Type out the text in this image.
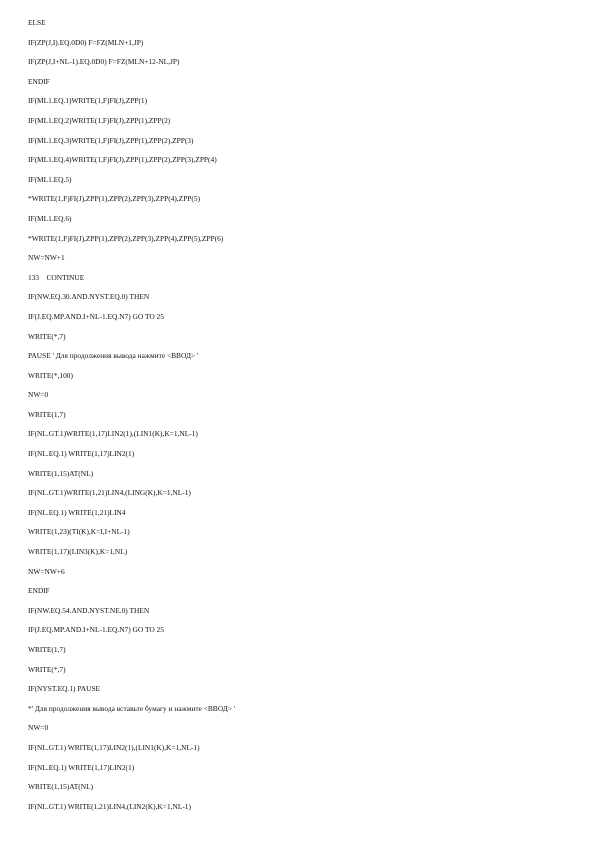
ELSE
IF(ZP(J,I).EQ.0D0) F=FZ(MLN+1,JP)
IF(ZP(J,I+NL-1).EQ.0D0) F=FZ(MLN+12-NL,JP)
ENDIF
IF(ML1.EQ.1)WRITE(1,F)FI(J),ZPP(1)
IF(ML1.EQ.2)WRITE(1,F)FI(J),ZPP(1),ZPP(2)
IF(ML1.EQ.3)WRITE(1,F)FI(J),ZPP(1),ZPP(2),ZPP(3)
IF(ML1.EQ.4)WRITE(1,F)FI(J),ZPP(1),ZPP(2),ZPP(3),ZPP(4)
IF(ML1.EQ.5)
*WRITE(1,F)FI(J),ZPP(1),ZPP(2),ZPP(3),ZPP(4),ZPP(5)
IF(ML1.EQ.6)
*WRITE(1,F)FI(J),ZPP(1),ZPP(2),ZPP(3),ZPP(4),ZPP(5),ZPP(6)
NW=NW+1
133    CONTINUE
IF(NW.EQ.30.AND.NYST.EQ.0) THEN
IF(J.EQ.MP.AND.I+NL-1.EQ.N7) GO TO 25
WRITE(*,7)
PAUSE ' Для продолжения вывода нажмите <ВВОД> '
WRITE(*,100)
NW=0
WRITE(1,7)
IF(NL.GT.1)WRITE(1,17)LIN2(1),(LIN1(K),K=1,NL-1)
IF(NL.EQ.1) WRITE(1,17)LIN2(1)
WRITE(1,15)AT(NL)
IF(NL.GT.1)WRITE(1,21)LIN4,(LING(K),K=1,NL-1)
IF(NL.EQ.1) WRITE(1,21)LIN4
WRITE(1,23)(TI(K),K=I,I+NL-1)
WRITE(1,17)(LIN3(K),K=1,NL)
NW=NW+6
ENDIF
IF(NW.EQ.54.AND.NYST.NE.0) THEN
IF(J.EQ.MP.AND.I+NL-1.EQ.N7) GO TO 25
WRITE(1,7)
WRITE(*,7)
IF(NYST.EQ.1) PAUSE
*' Для продолжения вывода вставьте бумагу и нажмите <ВВОД> '
NW=0
IF(NL.GT.1) WRITE(1,17)LIN2(1),(LIN1(K),K=1,NL-1)
IF(NL.EQ.1) WRITE(1,17)LIN2(1)
WRITE(1,15)AT(NL)
IF(NL.GT.1) WRITE(1,21)LIN4,(LIN2(K),K=1,NL-1)
